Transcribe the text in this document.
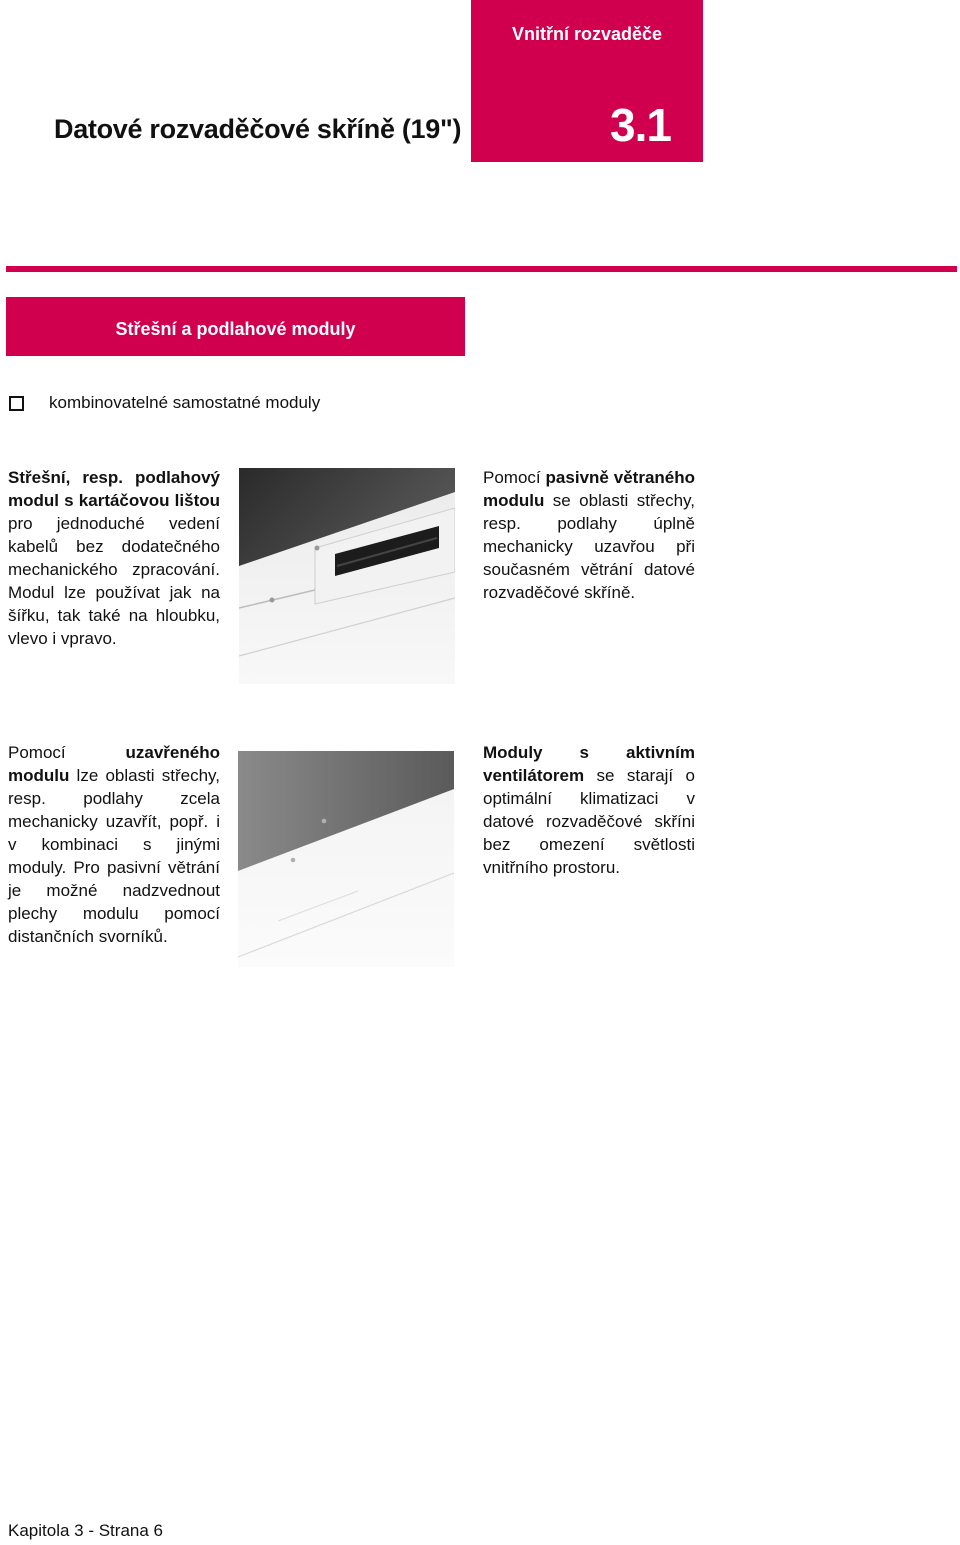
Vnitřní rozvaděče
3.1
Datové rozvaděčové skříně (19")
Střešní a podlahové moduly
kombinovatelné samostatné moduly
Střešní, resp. podlahový modul s kartáčovou lištou pro jednoduché vedení kabelů bez dodatečného mechanického zpracování. Modul lze používat jak na šířku, tak také na hloubku, vlevo i vpravo.
Pomocí pasivně větraného modulu se oblasti střechy, resp. podlahy úplně mechanicky uzavřou při současném větrání datové rozvaděčové skříně.
Pomocí uzavřeného modulu lze oblasti střechy, resp. podlahy zcela mechanicky uzavřít, popř. i v kombinaci s jinými moduly. Pro pasivní větrání je možné nadzvednout plechy modulu pomocí distančních svorníků.
Moduly s aktivním ventilátorem se starají o optimální klimatizaci v datové rozvaděčové skříni bez omezení světlosti vnitřního prostoru.
Kapitola 3 - Strana 6
